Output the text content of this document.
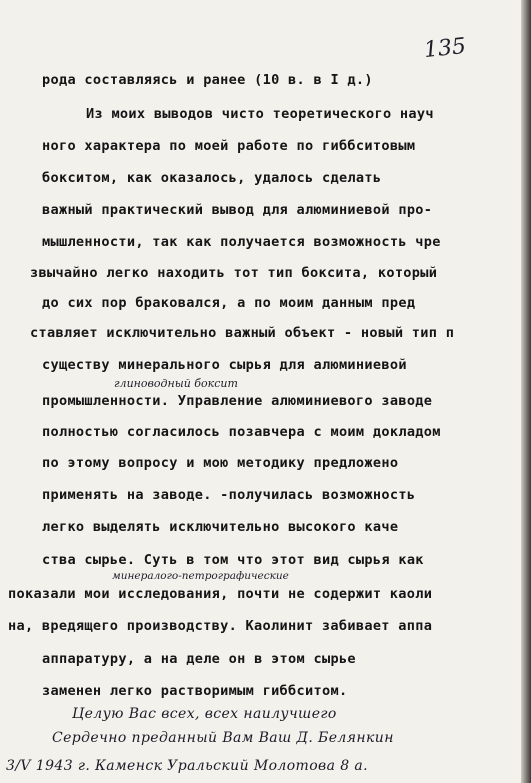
135
рода составляясь и ранее (10 в. в I д.)
Из моих выводов чисто теоретического науч
ного характера по моей работе по гиббситовым
бокситом, как оказалось, удалось сделать
важный практический вывод для алюминиевой про-
мышленности, так как получается возможность чре
звычайно легко находить тот тип боксита, который
до сих пор браковался, а по моим данным пред
ставляет исключительно важный объект - новый тип п
существу минерального сырья для алюминиевой
глиноводный боксит
промышленности. Управление алюминиевого заводе
полностью согласилось позавчера с моим докладом
по этому вопросу и мою методику предложено
применять на заводе. -получилась возможность
легко выделять исключительно высокого каче
ства сырье. Суть в том что этот вид сырья как
минералого-петрографические
показали мои исследования, почти не содержит каоли
на, вредящего производству. Каолинит забивает аппа
аппаратуру, а на деле он в этом сырье
заменен легко растворимым гиббситом.
Целую Вас всех, всех наилучшего
Сердечно преданный Вам Ваш Д. Белянкин
3/V 1943 г. Каменск Уральский Молотова 8 а.
